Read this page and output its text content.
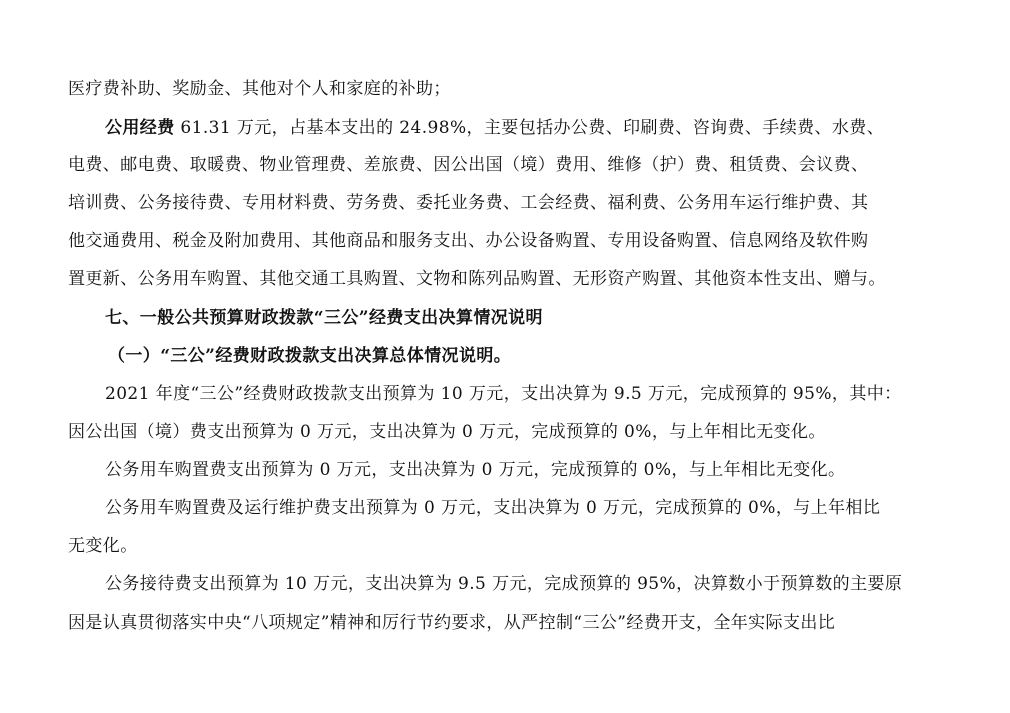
医疗费补助、奖励金、其他对个人和家庭的补助；
公用经费 61.31 万元，占基本支出的 24.98%，主要包括办公费、印刷费、咨询费、手续费、水费、
电费、邮电费、取暖费、物业管理费、差旅费、因公出国（境）费用、维修（护）费、租赁费、会议费、
培训费、公务接待费、专用材料费、劳务费、委托业务费、工会经费、福利费、公务用车运行维护费、其
他交通费用、税金及附加费用、其他商品和服务支出、办公设备购置、专用设备购置、信息网络及软件购
置更新、公务用车购置、其他交通工具购置、文物和陈列品购置、无形资产购置、其他资本性支出、赠与。
七、一般公共预算财政拨款“三公”经费支出决算情况说明
（一）“三公”经费财政拨款支出决算总体情况说明。
2021 年度“三公”经费财政拨款支出预算为 10 万元，支出决算为 9.5 万元，完成预算的 95%，其中：
因公出国（境）费支出预算为 0 万元，支出决算为 0 万元，完成预算的 0%，与上年相比无变化。
公务用车购置费支出预算为 0 万元，支出决算为 0 万元，完成预算的 0%，与上年相比无变化。
公务用车购置费及运行维护费支出预算为 0 万元，支出决算为 0 万元，完成预算的 0%，与上年相比
无变化。
公务接待费支出预算为 10 万元，支出决算为 9.5 万元，完成预算的 95%，决算数小于预算数的主要原
因是认真贯彻落实中央“八项规定”精神和厉行节约要求，从严控制“三公”经费开支，全年实际支出比
